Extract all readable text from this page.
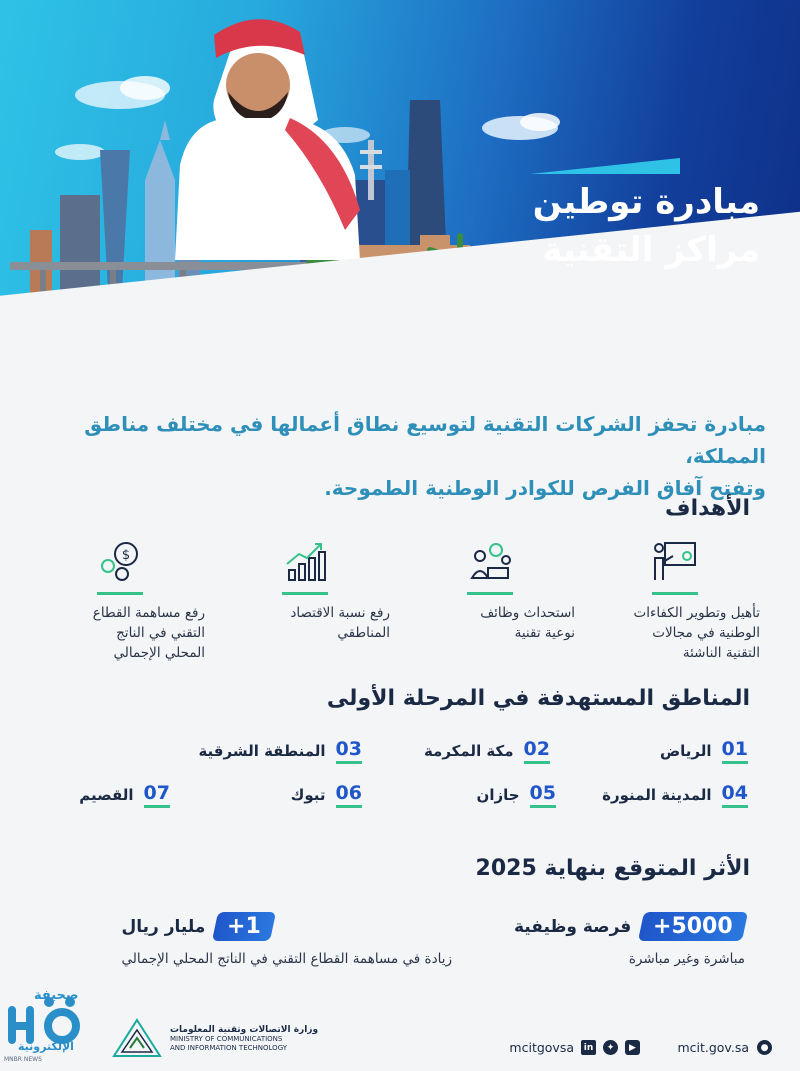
مبادرة توطين
مراكز التقنية
مبادرة تحفز الشركات التقنية لتوسيع نطاق أعمالها في مختلف مناطق المملكة،
وتفتح آفاق الفرص للكوادر الوطنية الطموحة.
الأهداف
تأهيل وتطوير الكفاءات
الوطنية في مجالات
التقنية الناشئة
استحداث وظائف
نوعية تقنية
رفع نسبة الاقتصاد
المناطقي
$
رفع مساهمة القطاع
التقني في الناتج
المحلي الإجمالي
المناطق المستهدفة في المرحلة الأولى
01
الرياض
02
مكة المكرمة
03
المنطقة الشرقية
04
المدينة المنورة
05
جازان
06
تبوك
07
القصيم
الأثر المتوقع بنهاية 2025
5000+
فرصة وظيفية
مباشرة وغير مباشرة
1+
مليار ريال
زيادة في مساهمة القطاع التقني في الناتج المحلي الإجمالي
mcit.gov.sa	●
mcitgovsa	in	✦	▶
وزارة الاتصالات وتقنية المعلومات
MINISTRY OF COMMUNICATIONS
AND INFORMATION TECHNOLOGY
صحيفة
الإلكترونية
MNBR NEWS
